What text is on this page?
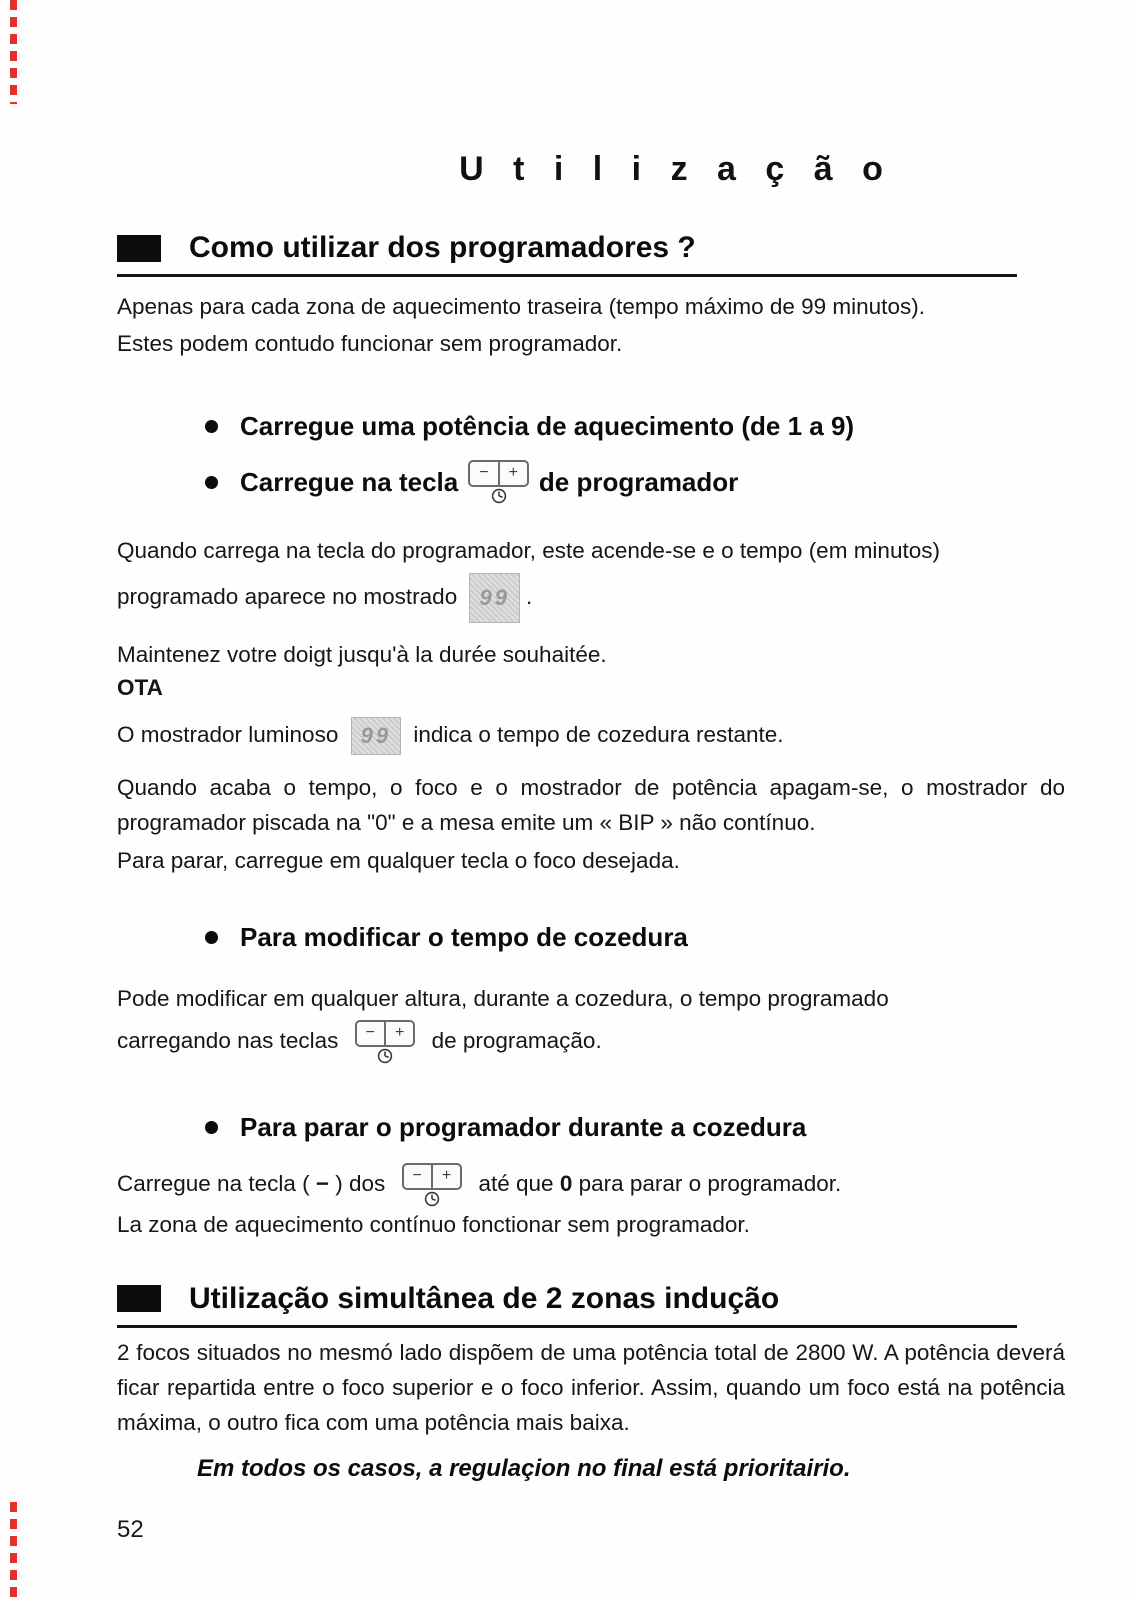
U t i l i z a ç ã o
Como utilizar dos programadores ?

Apenas para cada zona de aquecimento traseira (tempo máximo de 99 minutos).

Estes podem contudo funcionar sem programador.

Carregue uma potência de aquecimento (de 1 a 9)
Carregue na tecla	−	+ de programador

Quando carrega na tecla do programador, este acende-se e o tempo (em minutos) programado aparece no mostrado 99 .

Maintenez votre doigt jusqu'à la durée souhaitée.

OTA

O mostrador luminoso 99 indica o tempo de cozedura restante.

Quando acaba o tempo, o foco e o mostrador de potência apagam-se, o mostrador do programador piscada na "0" e a mesa emite um « BIP » não contínuo.

Para parar, carregue em qualquer tecla o foco desejada.

Para modificar o tempo de cozedura

Pode modificar em qualquer altura, durante a cozedura, o tempo programado

carregando nas teclas	−	+	de programação.

Para parar o programador durante a cozedura

Carregue na tecla ( − ) dos	−	+	até que 0 para parar o programador.

La zona de aquecimento contínuo fonctionar sem programador.

Utilização simultânea de 2 zonas indução

2 focos situados no mesmó lado dispõem de uma potência total de 2800 W. A potência deverá ficar repartida entre o foco superior e o foco inferior. Assim, quando um foco está na potência máxima, o outro fica com uma potência mais baixa.

Em todos os casos, a regulaçion no final está prioritairio.

52
